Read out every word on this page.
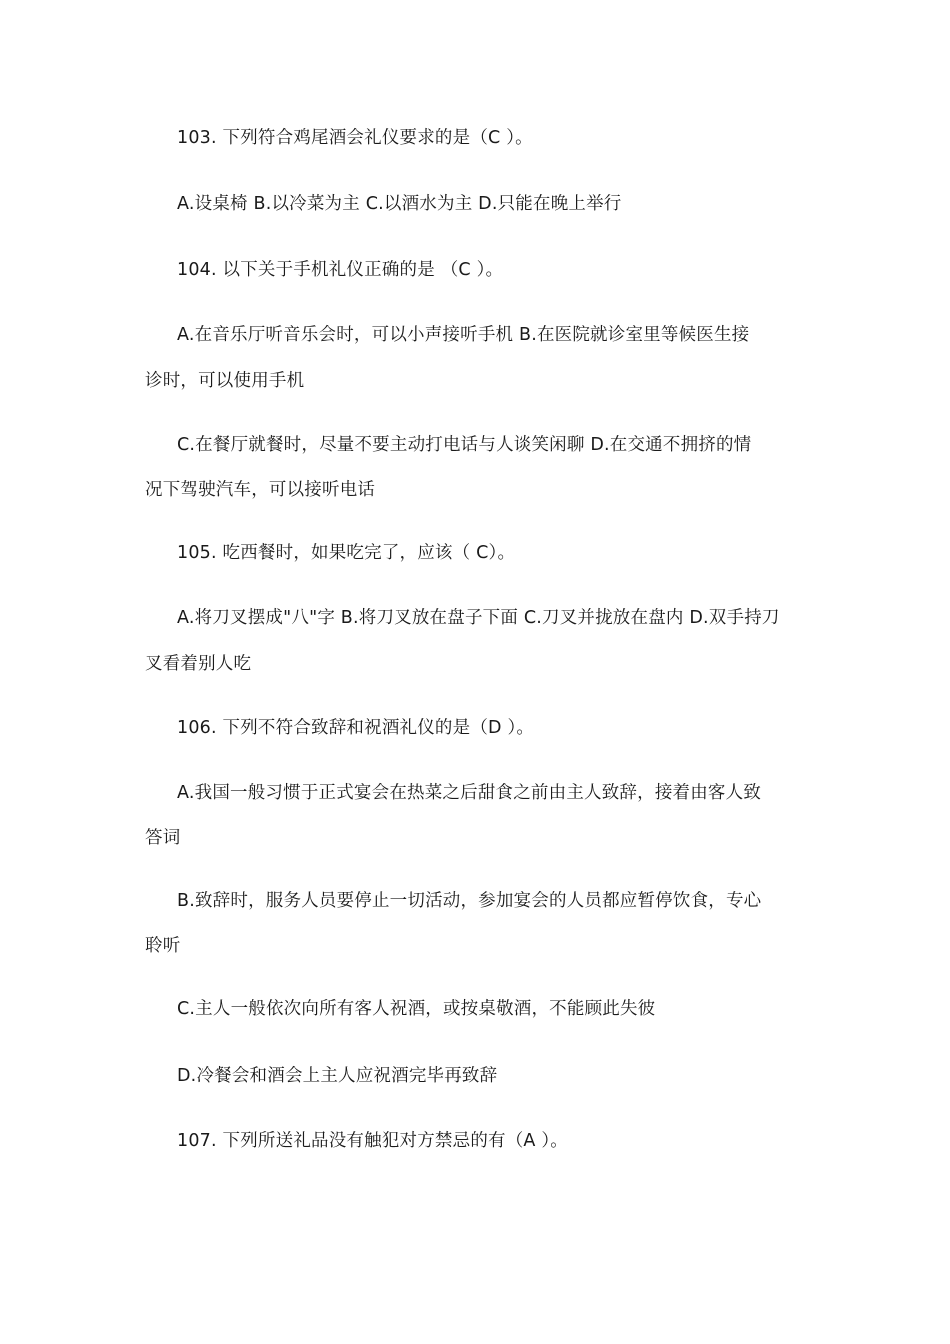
103. 下列符合鸡尾酒会礼仪要求的是（C ）。
A.设桌椅 B.以冷菜为主 C.以酒水为主 D.只能在晚上举行
104. 以下关于手机礼仪正确的是 （C ）。
A.在音乐厅听音乐会时，可以小声接听手机 B.在医院就诊室里等候医生接
诊时，可以使用手机
C.在餐厅就餐时，尽量不要主动打电话与人谈笑闲聊 D.在交通不拥挤的情
况下驾驶汽车，可以接听电话
105. 吃西餐时，如果吃完了，应该（ C）。
A.将刀叉摆成"八"字 B.将刀叉放在盘子下面 C.刀叉并拢放在盘内 D.双手持刀
叉看着别人吃
106. 下列不符合致辞和祝酒礼仪的是（D ）。
A.我国一般习惯于正式宴会在热菜之后甜食之前由主人致辞，接着由客人致
答词
B.致辞时，服务人员要停止一切活动，参加宴会的人员都应暂停饮食，专心
聆听
C.主人一般依次向所有客人祝酒，或按桌敬酒，不能顾此失彼
D.冷餐会和酒会上主人应祝酒完毕再致辞
107. 下列所送礼品没有触犯对方禁忌的有（A ）。
